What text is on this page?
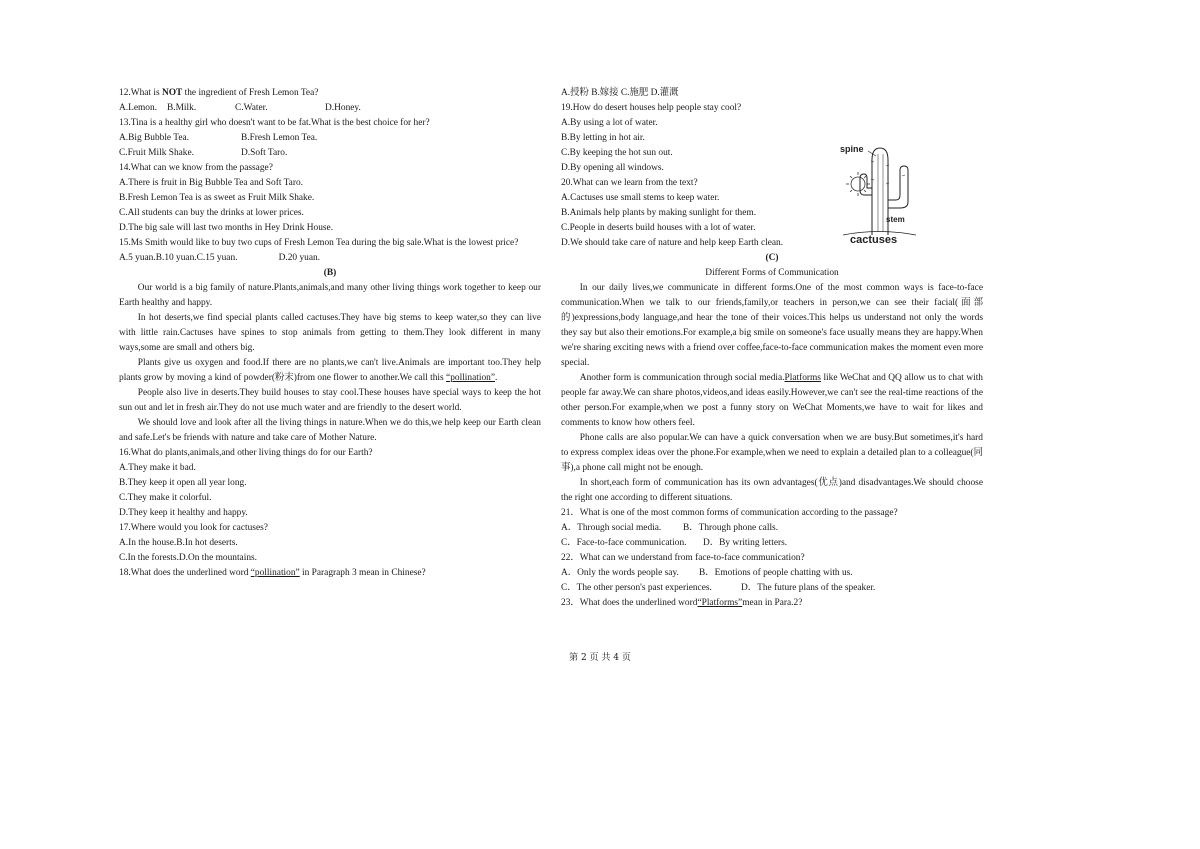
12.What is NOT the ingredient of Fresh Lemon Tea?

A.Lemon.	B.Milk.	C.Water.	D.Honey.

13.Tina is a healthy girl who doesn't want to be fat.What is the best choice for her?

A.Big Bubble Tea.	B.Fresh Lemon Tea.
C.Fruit Milk Shake.	D.Soft Taro.

14.What can we know from the passage?

A.There is fruit in Big Bubble Tea and Soft Taro.

B.Fresh Lemon Tea is as sweet as Fruit Milk Shake.

C.All students can buy the drinks at lower prices.

D.The big sale will last two months in Hey Drink House.

15.Ms Smith would like to buy two cups of Fresh Lemon Tea during the big sale.What is the lowest price?

A.5 yuan. B.10 yuan. C.15 yuan.	D.20 yuan.

(B)

Our world is a big family of nature.Plants,animals,and many other living things work together to keep our Earth healthy and happy.

In hot deserts,we find special plants called cactuses.They have big stems to keep water,so they can live with little rain.Cactuses have spines to stop animals from getting to them.They look different in many ways,some are small and others big.

Plants give us oxygen and food.If there are no plants,we can't live.Animals are important too.They help plants grow by moving a kind of powder(粉末)from one flower to another.We call this “pollination”.

People also live in deserts.They build houses to stay cool.These houses have special ways to keep the hot sun out and let in fresh air.They do not use much water and are friendly to the desert world.

We should love and look after all the living things in nature.When we do this,we help keep our Earth clean and safe.Let's be friends with nature and take care of Mother Nature.

16.What do plants,animals,and other living things do for our Earth?

A.They make it bad.

B.They keep it open all year long.

C.They make it colorful.

D.They keep it healthy and happy.

17.Where would you look for cactuses?

A.In the house.B.In hot deserts.

C.In the forests.D.On the mountains.

18.What does the underlined word “pollination” in Paragraph 3 mean in Chinese?

A.授粉 B.嫁接 C.施肥 D.灌溉

19.How do desert houses help people stay cool?

A.By using a lot of water.

B.By letting in hot air.

C.By keeping the hot sun out.

D.By opening all windows.

20.What can we learn from the text?

A.Cactuses use small stems to keep water.

B.Animals help plants by making sunlight for them.

C.People in deserts build houses with a lot of water.

D.We should take care of nature and help keep Earth clean.

(C)

Different Forms of Communication

In our daily lives,we communicate in different forms.One of the most common ways is face-to-face communication.When we talk to our friends,family,or teachers in person,we can see their facial(面部的)expressions,body language,and hear the tone of their voices.This helps us understand not only the words they say but also their emotions.For example,a big smile on someone's face usually means they are happy.When we're sharing exciting news with a friend over coffee,face-to-face communication makes the moment even more special.

Another form is communication through social media.Platforms like WeChat and QQ allow us to chat with people far away.We can share photos,videos,and ideas easily.However,we can't see the real-time reactions of the other person.For example,when we post a funny story on WeChat Moments,we have to wait for likes and comments to know how others feel.

Phone calls are also popular.We can have a quick conversation when we are busy.But sometimes,it's hard to express complex ideas over the phone.For example,when we need to explain a detailed plan to a colleague(同事),a phone call might not be enough.

In short,each form of communication has its own advantages(优点)and disadvantages.We should choose the right one according to different situations.

21．What is one of the most common forms of communication according to the passage?

A．Through social media.	B．Through phone calls.
C．Face-to-face communication.	D．By writing letters.

22．What can we understand from face-to-face communication?

A．Only the words people say.	B．Emotions of people chatting with us.
C．The other person's past experiences.	D．The future plans of the speaker.

23．What does the underlined word“Platforms”mean in Para.2?

spine
stem
cactuses
第 2 页 共 4 页
